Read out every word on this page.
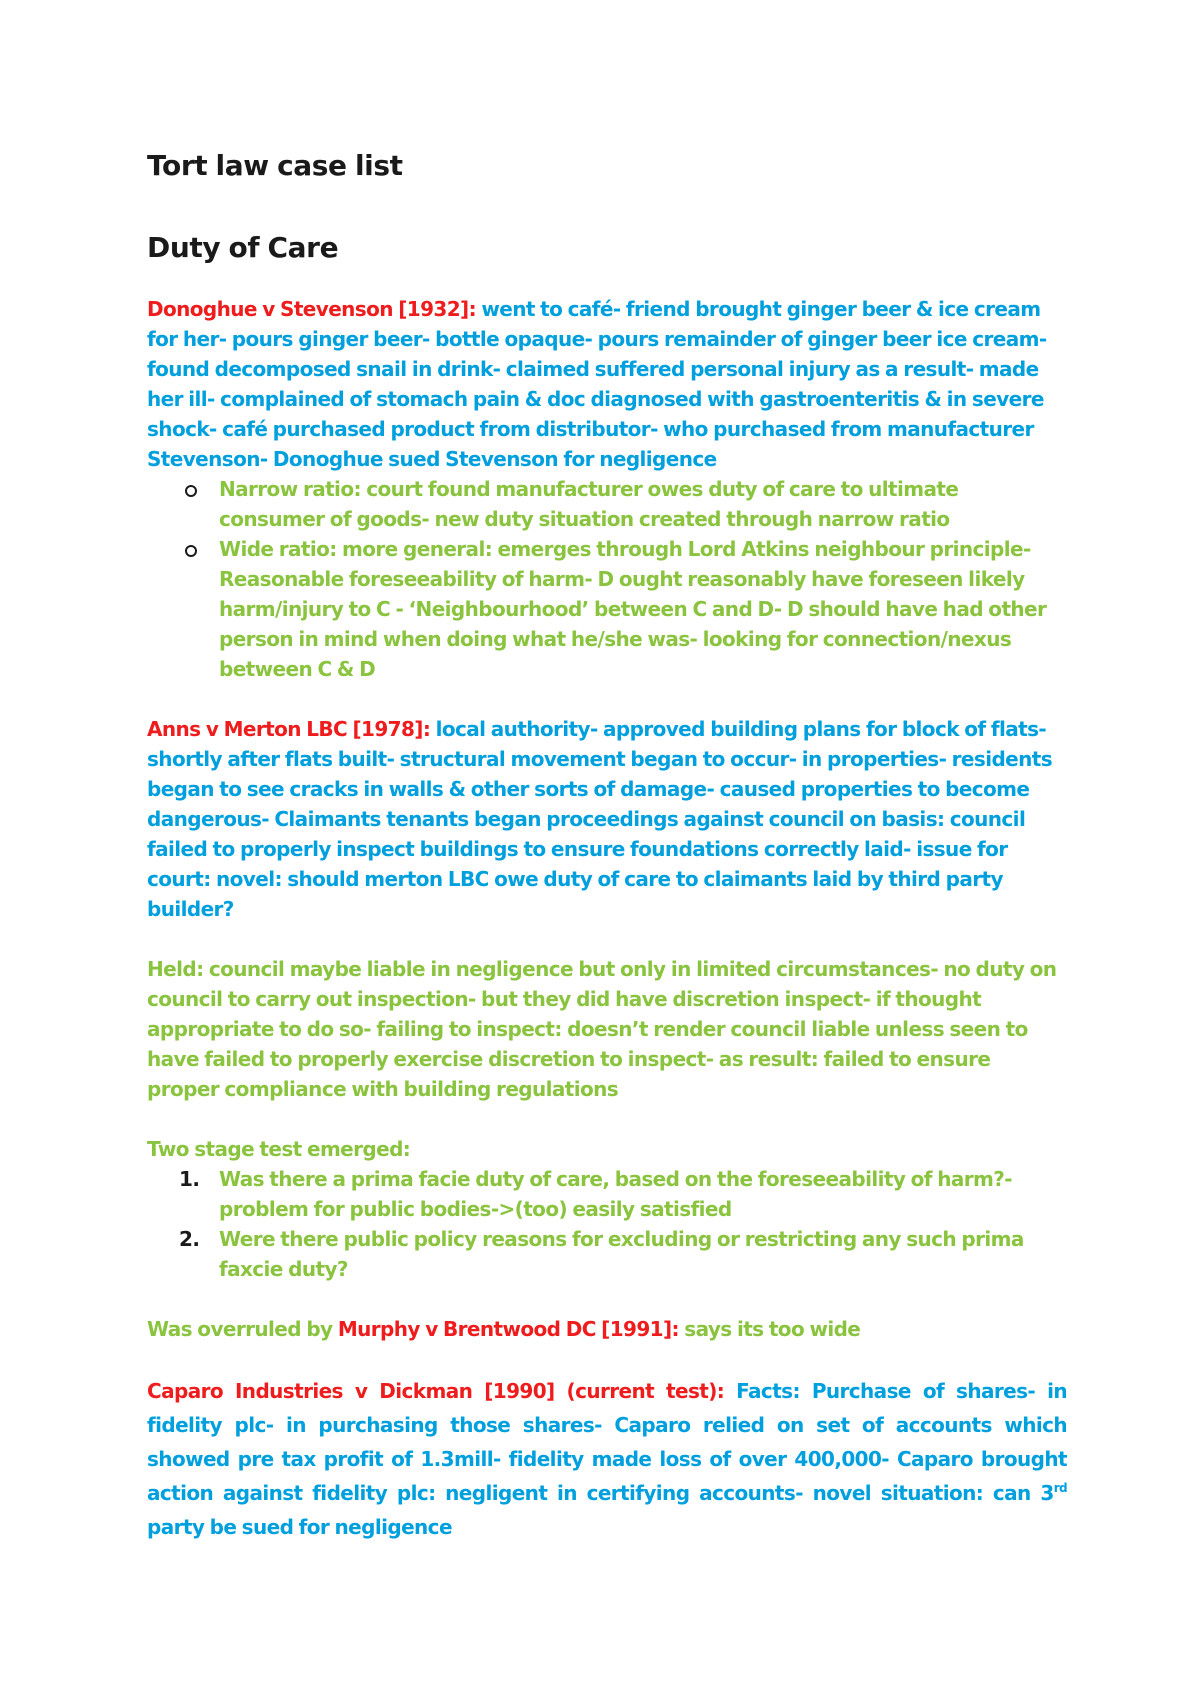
Tort law case list
Duty of Care

Donoghue v Stevenson [1932]: went to café- friend brought ginger beer & ice cream for her- pours ginger beer- bottle opaque- pours remainder of ginger beer ice cream- found decomposed snail in drink- claimed suffered personal injury as a result- made her ill- complained of stomach pain & doc diagnosed with gastroenteritis & in severe shock- café purchased product from distributor- who purchased from manufacturer Stevenson- Donoghue sued Stevenson for negligence

Narrow ratio: court found manufacturer owes duty of care to ultimate consumer of goods- new duty situation created through narrow ratio
Wide ratio: more general: emerges through Lord Atkins neighbour principle- Reasonable foreseeability of harm- D ought reasonably have foreseen likely harm/injury to C - ‘Neighbourhood’ between C and D- D should have had other person in mind when doing what he/she was- looking for connection/nexus between C & D

Anns v Merton LBC [1978]: local authority- approved building plans for block of flats- shortly after flats built- structural movement began to occur- in properties- residents began to see cracks in walls & other sorts of damage- caused properties to become dangerous- Claimants tenants began proceedings against council on basis: council failed to properly inspect buildings to ensure foundations correctly laid- issue for court: novel: should merton LBC owe duty of care to claimants laid by third party builder?

Held: council maybe liable in negligence but only in limited circumstances- no duty on council to carry out inspection- but they did have discretion inspect- if thought appropriate to do so- failing to inspect: doesn’t render council liable unless seen to have failed to properly exercise discretion to inspect- as result: failed to ensure proper compliance with building regulations

Two stage test emerged:

1. Was there a prima facie duty of care, based on the foreseeability of harm?- problem for public bodies->(too) easily satisfied
2. Were there public policy reasons for excluding or restricting any such prima faxcie duty?

Was overruled by Murphy v Brentwood DC [1991]: says its too wide

Caparo Industries v Dickman [1990] (current test): Facts: Purchase of shares- in fidelity plc- in purchasing those shares- Caparo relied on set of accounts which showed pre tax profit of 1.3mill- fidelity made loss of over 400,000- Caparo brought action against fidelity plc: negligent in certifying accounts- novel situation: can 3rd party be sued for negligence
